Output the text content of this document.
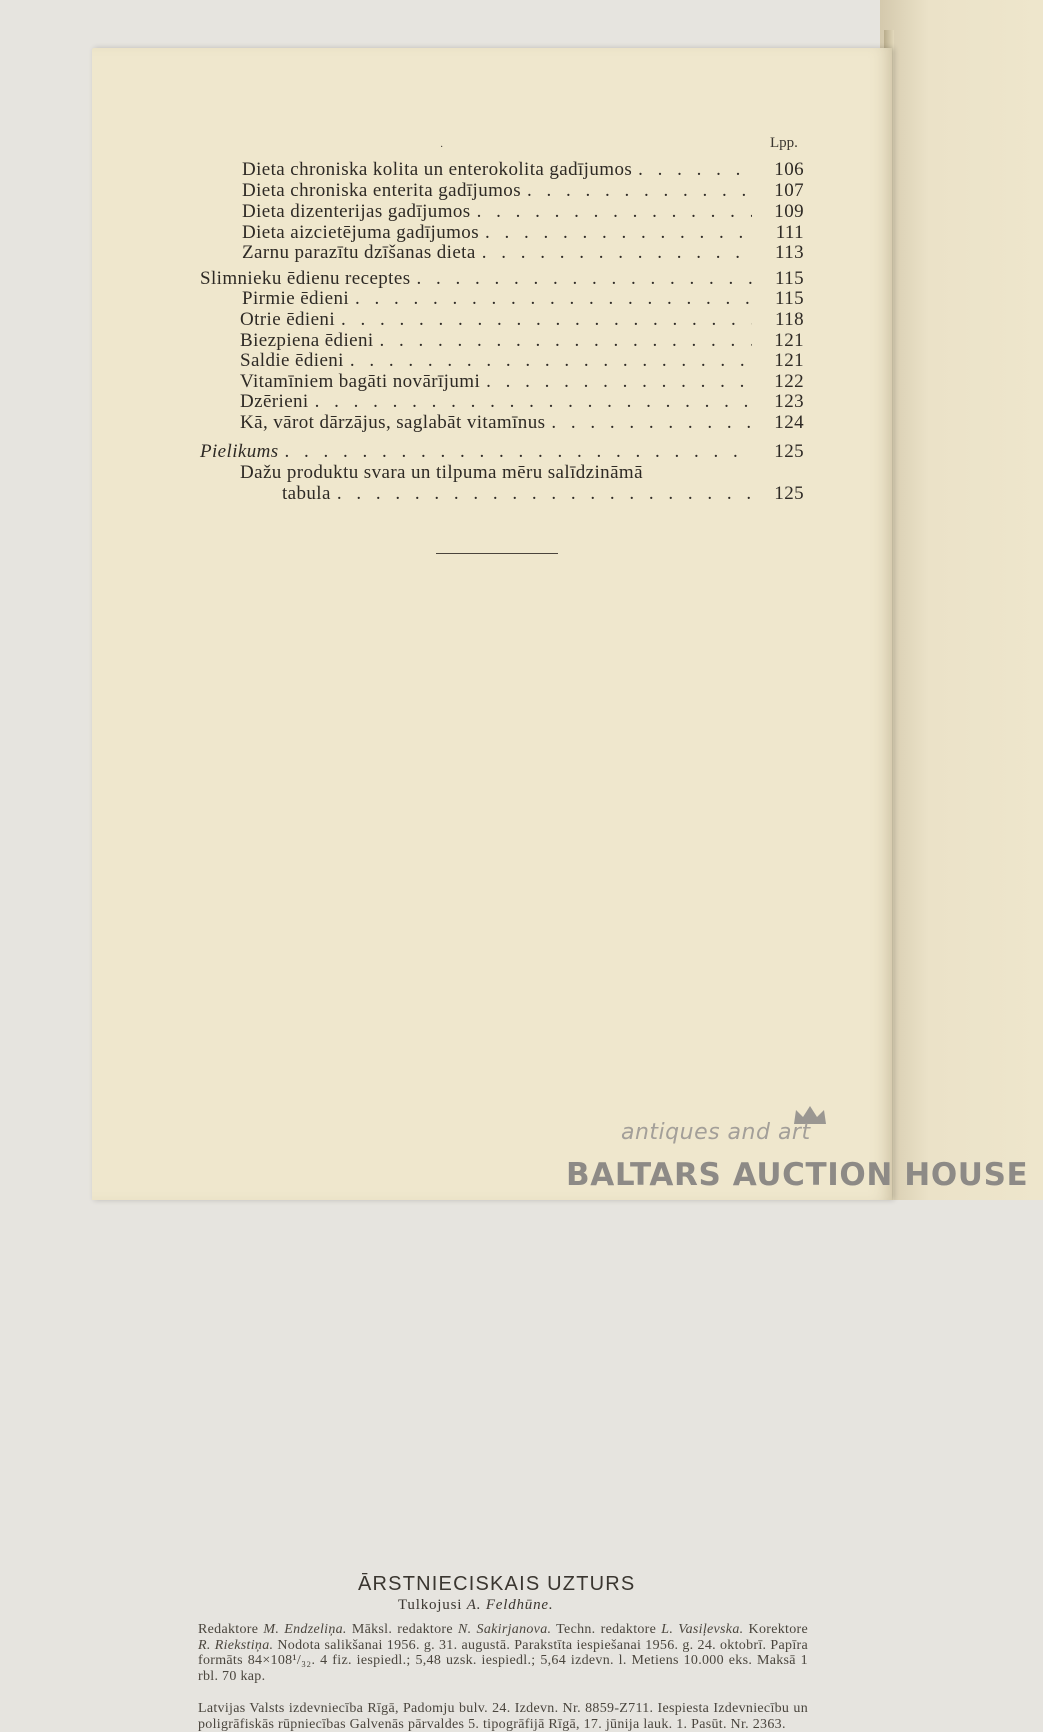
·	Lpp.
Dieta chroniska kolita un enterokolita gadījumos . . .	106
Dieta chroniska enterita gadījumos . . .	107
Dieta dizenterijas gadījumos . . .	109
Dieta aizcietējuma gadījumos . . .	111
Zarnu parazītu dzīšanas dieta . . .	113
Slimnieku ēdienu receptes . . .	115
Pirmie ēdieni . . .	115
Otrie ēdieni . . .	118
Biezpiena ēdieni . . .	121
Saldie ēdieni . . .	121
Vitamīniem bagāti novārījumi . . .	122
Dzērieni . . .	123
Kā, vārot dārzājus, saglabāt vitamīnus . . .	124
Pielikums . . .	125
Dažu produktu svara un tilpuma mēru salīdzināmā
tabula . . .	125
ĀRSTNIECISKAIS UZTURS
Tulkojusi A. Feldhūne.
Redaktore M. Endzeliņa. Māksl. redaktore N. Sakirjanova. Techn. redaktore L. Vasiļevska. Korektore R. Riekstiņa. Nodota salikšanai 1956. g. 31. augustā. Parakstīta iespiešanai 1956. g. 24. oktobrī. Papīra formāts 84×108¹/₃₂. 4 fiz. iespiedl.; 5,48 uzsk. iespiedl.; 5,64 izdevn. l. Metiens 10.000 eks. Maksā 1 rbl. 70 kap.
Latvijas Valsts izdevniecība Rīgā, Padomju bulv. 24. Izdevn. Nr. 8859-Z711. Iespiesta Izdevniecību un poligrāfiskās rūpniecības Galvenās pārvaldes 5. tipogrāfijā Rīgā, 17. jūnija lauk. 1. Pasūt. Nr. 2363.
antiques and art
BALTARS AUCTION HOUSE
